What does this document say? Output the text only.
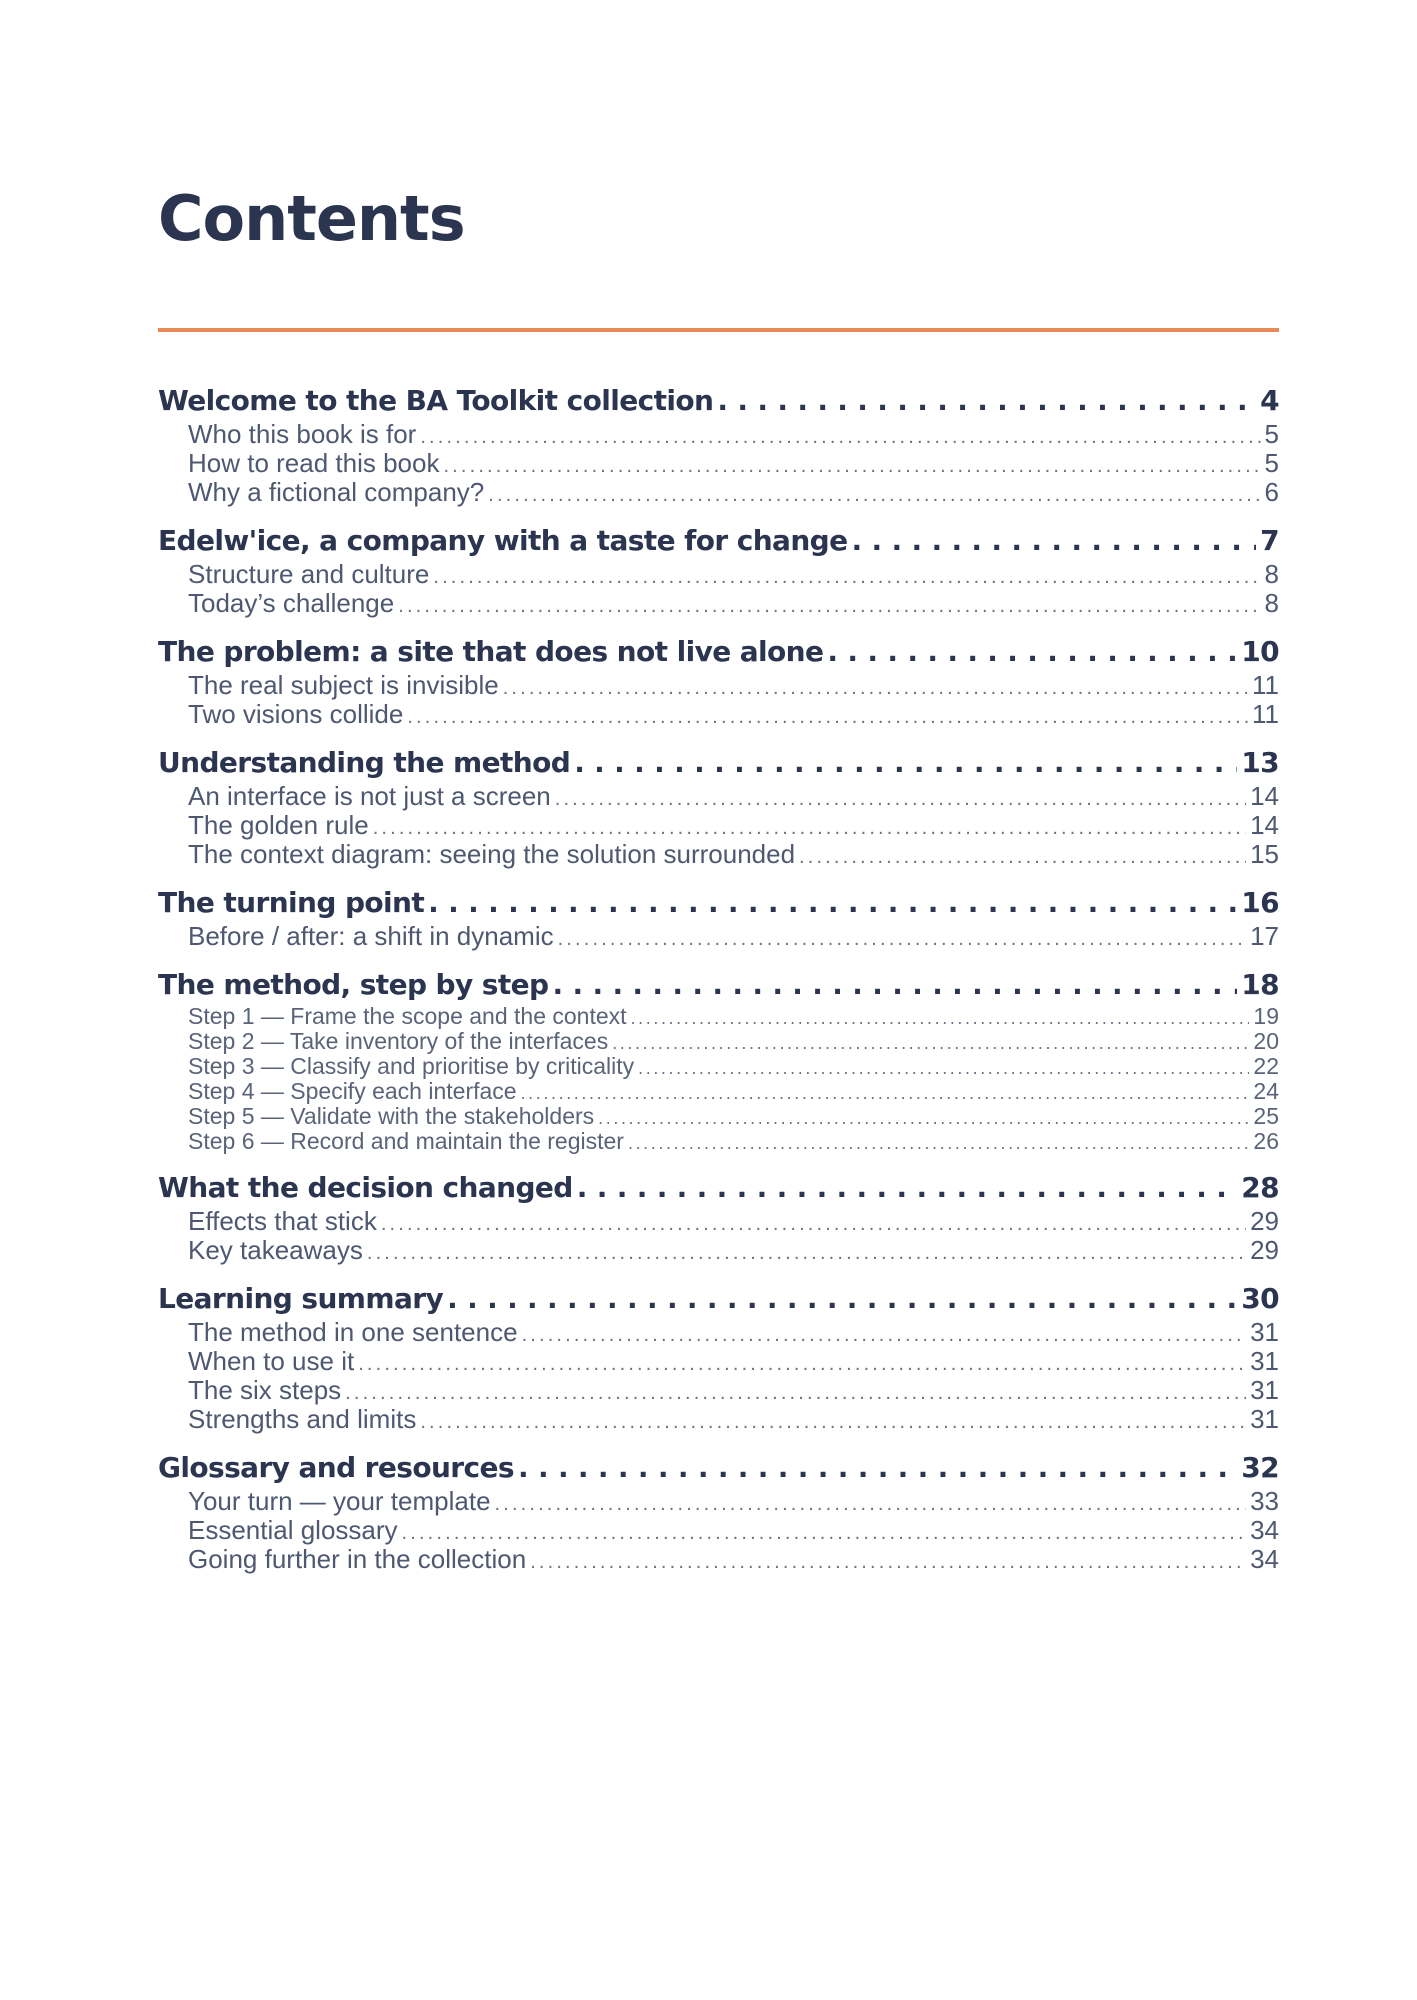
Contents
Welcome to the BA Toolkit collection . . .	4
Who this book is for . . .	5
How to read this book . . .	5
Why a fictional company? . . .	6
Edelw'ice, a company with a taste for change . . .	7
Structure and culture . . .	8
Today’s challenge . . .	8
The problem: a site that does not live alone . . .	10
The real subject is invisible . . .	11
Two visions collide . . .	11
Understanding the method . . .	13
An interface is not just a screen . . .	14
The golden rule . . .	14
The context diagram: seeing the solution surrounded . . .	15
The turning point . . .	16
Before / after: a shift in dynamic . . .	17
The method, step by step . . .	18
Step 1 — Frame the scope and the context . . .	19
Step 2 — Take inventory of the interfaces . . .	20
Step 3 — Classify and prioritise by criticality . . .	22
Step 4 — Specify each interface . . .	24
Step 5 — Validate with the stakeholders . . .	25
Step 6 — Record and maintain the register . . .	26
What the decision changed . . .	28
Effects that stick . . .	29
Key takeaways . . .	29
Learning summary . . .	30
The method in one sentence . . .	31
When to use it . . .	31
The six steps . . .	31
Strengths and limits . . .	31
Glossary and resources . . .	32
Your turn — your template . . .	33
Essential glossary . . .	34
Going further in the collection . . .	34
